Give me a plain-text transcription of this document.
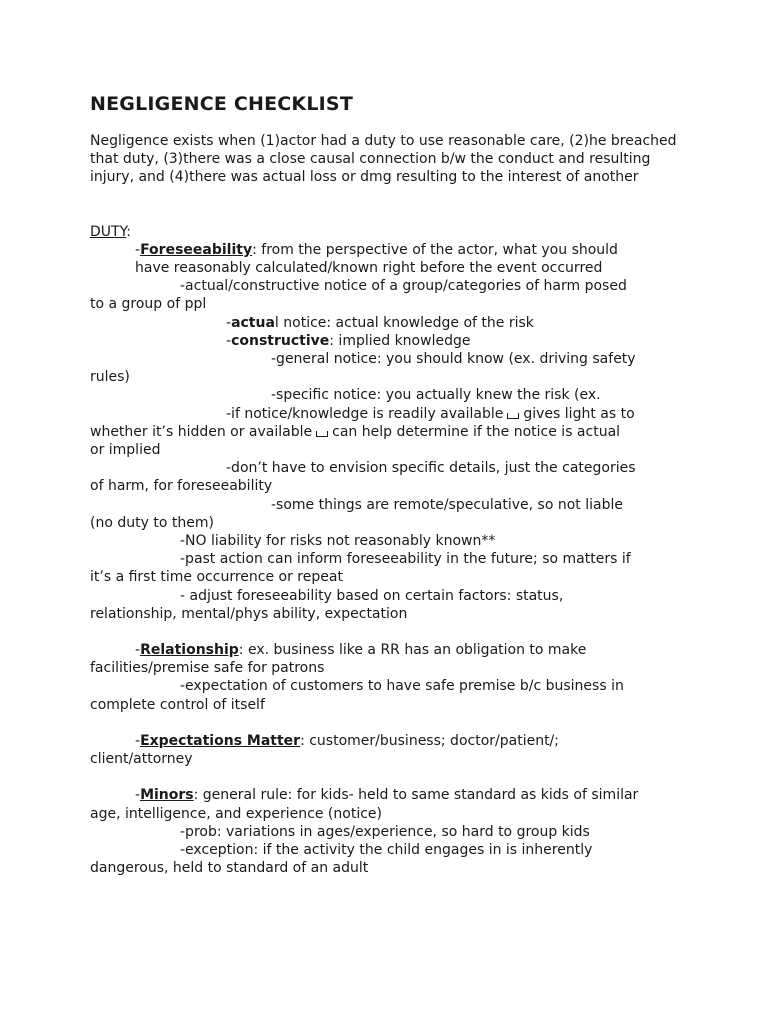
NEGLIGENCE CHECKLIST

Negligence exists when (1)actor had a duty to use reasonable care, (2)he breached that duty, (3)there was a close causal connection b/w the conduct and resulting injury, and (4)there was actual loss or dmg resulting to the interest of another

DUTY:
-Foreseeability: from the perspective of the actor, what you should
have reasonably calculated/known right before the event occurred
-actual/constructive notice of a group/categories of harm posed
to a group of ppl
-actual notice: actual knowledge of the risk
-constructive: implied knowledge
-general notice: you should know (ex. driving safety
rules)
-specific notice: you actually knew the risk (ex.
-if notice/knowledge is readily available gives light as to
whether it’s hidden or available can help determine if the notice is actual
or implied
-don’t have to envision specific details, just the categories
of harm, for foreseeability
-some things are remote/speculative, so not liable
(no duty to them)
-NO liability for risks not reasonably known**
-past action can inform foreseeability in the future; so matters if
it’s a first time occurrence or repeat
- adjust foreseeability based on certain factors: status,
relationship, mental/phys ability, expectation
-Relationship: ex. business like a RR has an obligation to make
facilities/premise safe for patrons
-expectation of customers to have safe premise b/c business in
complete control of itself
-Expectations Matter: customer/business; doctor/patient/;
client/attorney
-Minors: general rule: for kids- held to same standard as kids of similar
age, intelligence, and experience (notice)
-prob: variations in ages/experience, so hard to group kids
-exception: if the activity the child engages in is inherently
dangerous, held to standard of an adult
